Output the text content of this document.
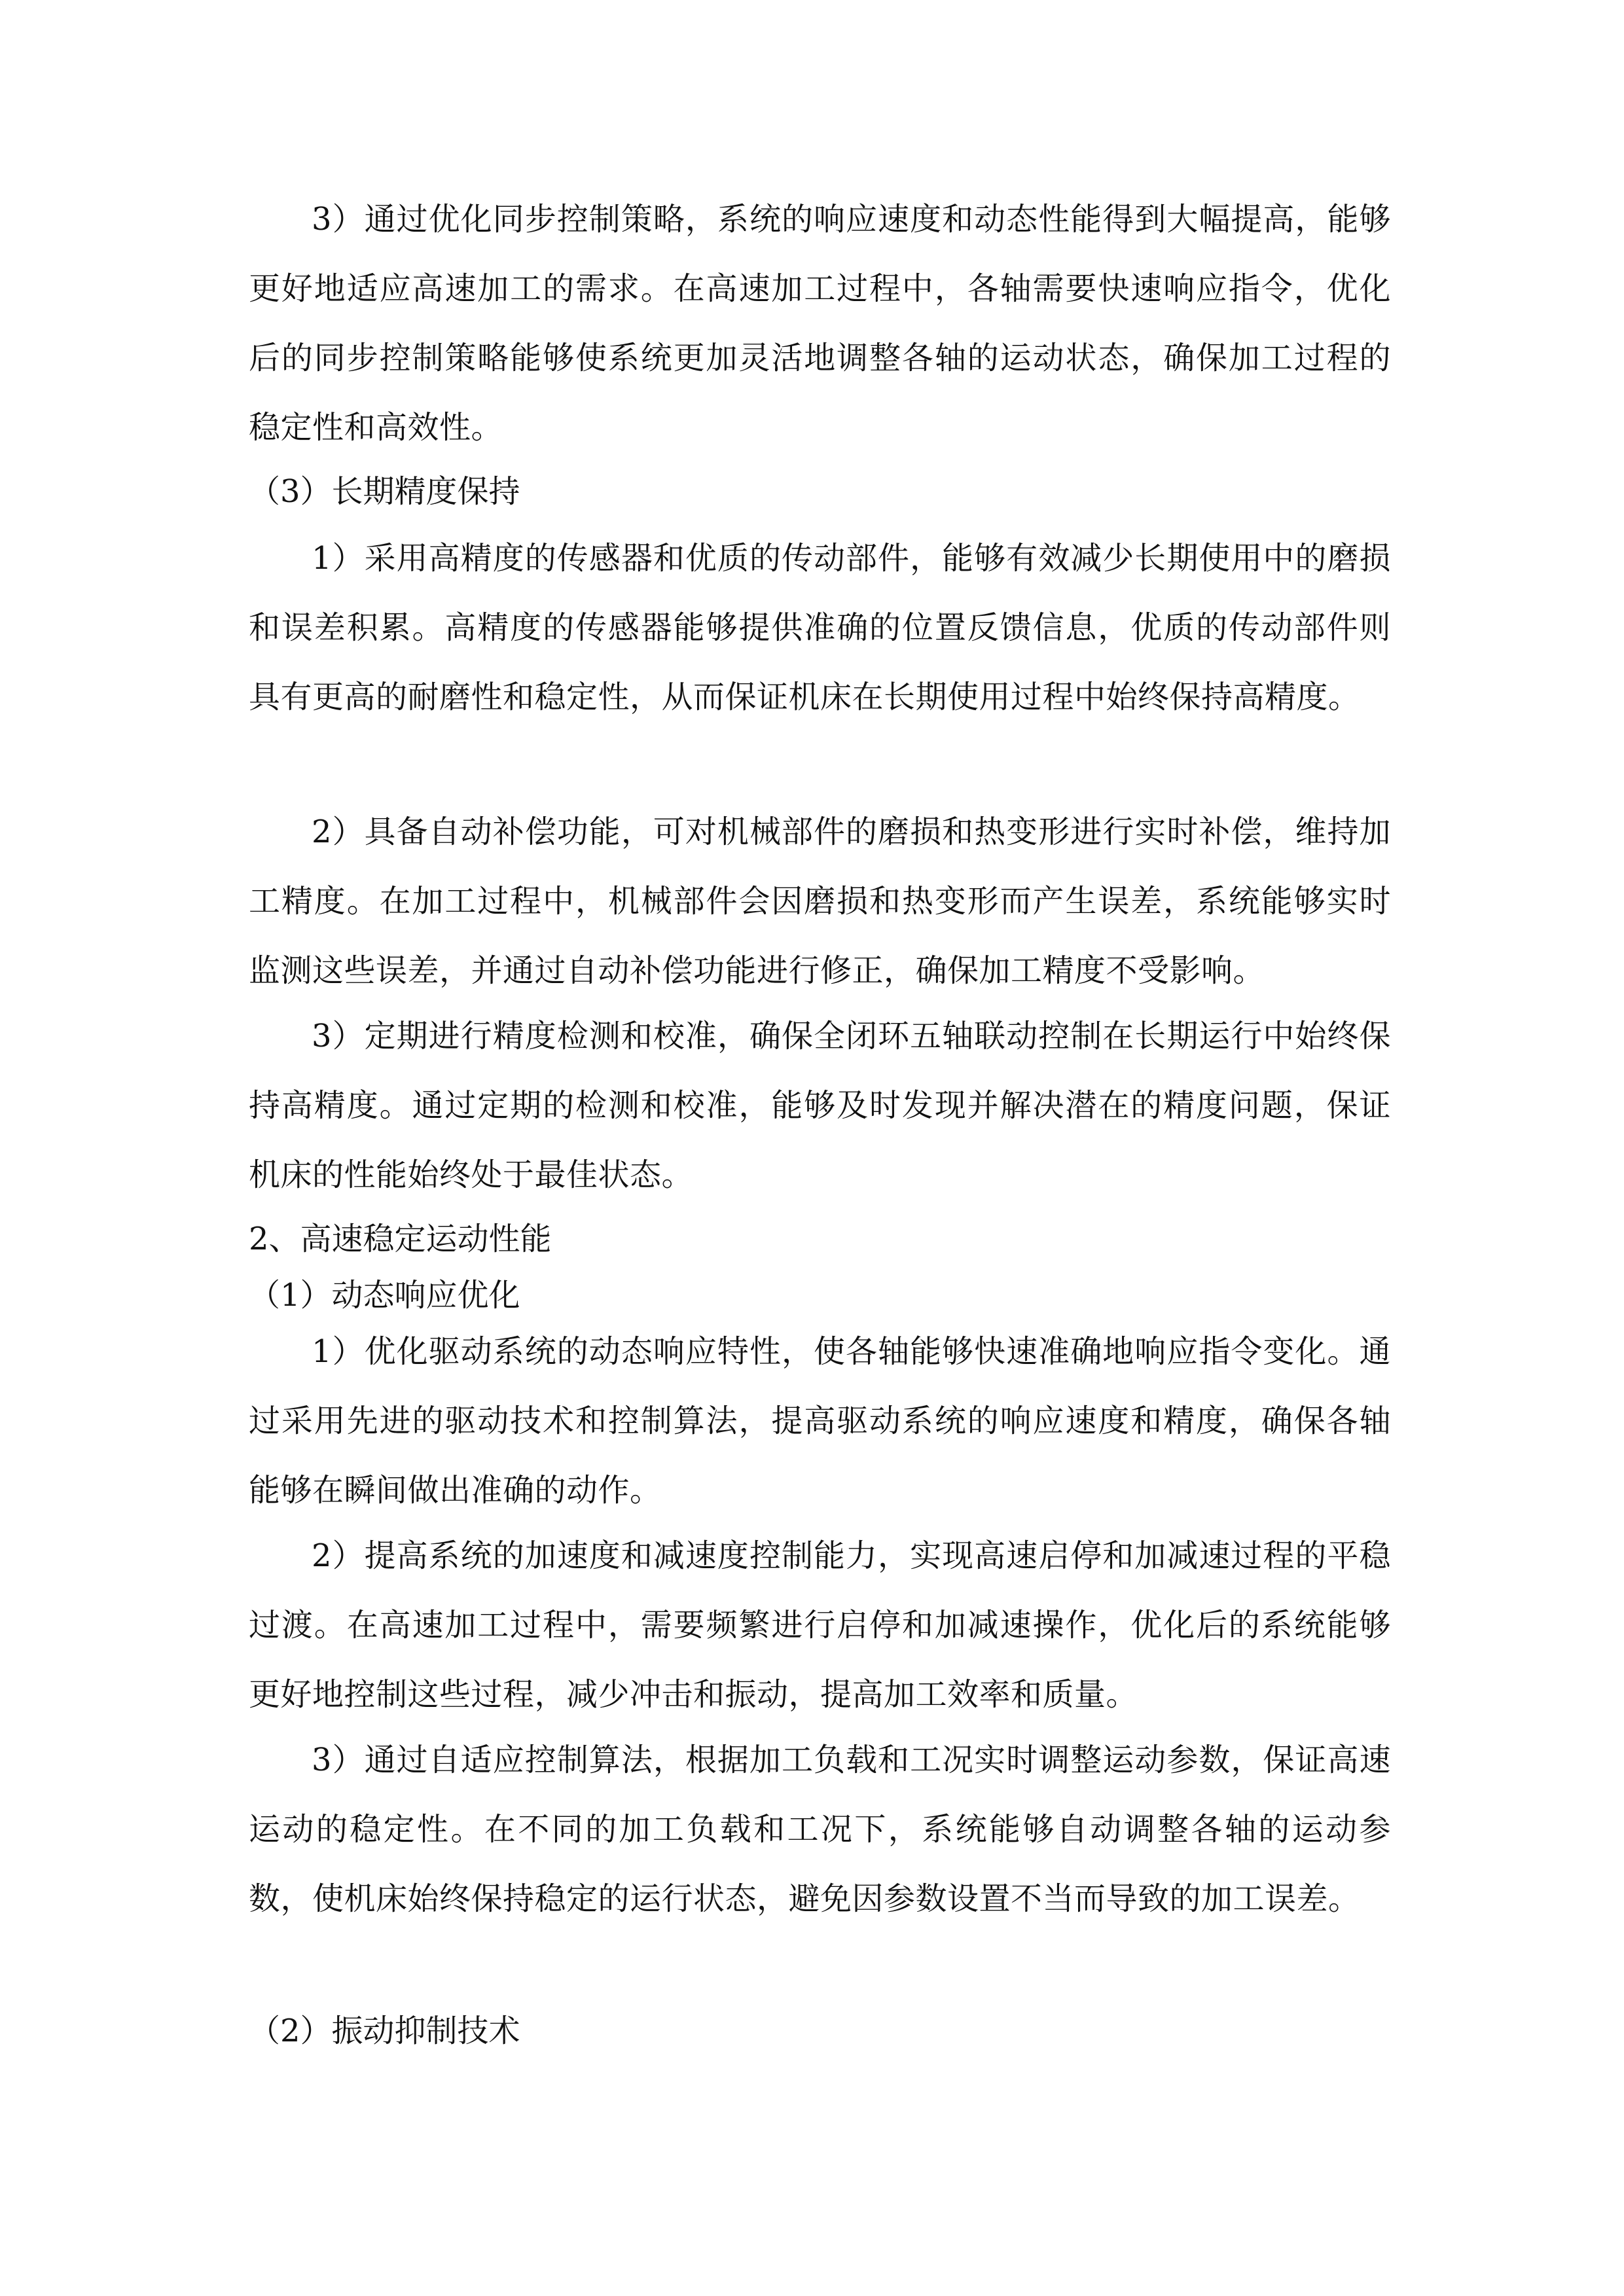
3）通过优化同步控制策略，系统的响应速度和动态性能得到大幅提高，能够更好地适应高速加工的需求。在高速加工过程中，各轴需要快速响应指令，优化后的同步控制策略能够使系统更加灵活地调整各轴的运动状态，确保加工过程的稳定性和高效性。

（3）长期精度保持

1）采用高精度的传感器和优质的传动部件，能够有效减少长期使用中的磨损和误差积累。高精度的传感器能够提供准确的位置反馈信息，优质的传动部件则具有更高的耐磨性和稳定性，从而保证机床在长期使用过程中始终保持高精度。

2）具备自动补偿功能，可对机械部件的磨损和热变形进行实时补偿，维持加工精度。在加工过程中，机械部件会因磨损和热变形而产生误差，系统能够实时监测这些误差，并通过自动补偿功能进行修正，确保加工精度不受影响。

3）定期进行精度检测和校准，确保全闭环五轴联动控制在长期运行中始终保持高精度。通过定期的检测和校准，能够及时发现并解决潜在的精度问题，保证机床的性能始终处于最佳状态。

2、高速稳定运动性能

（1）动态响应优化

1）优化驱动系统的动态响应特性，使各轴能够快速准确地响应指令变化。通过采用先进的驱动技术和控制算法，提高驱动系统的响应速度和精度，确保各轴能够在瞬间做出准确的动作。

2）提高系统的加速度和减速度控制能力，实现高速启停和加减速过程的平稳过渡。在高速加工过程中，需要频繁进行启停和加减速操作，优化后的系统能够更好地控制这些过程，减少冲击和振动，提高加工效率和质量。

3）通过自适应控制算法，根据加工负载和工况实时调整运动参数，保证高速运动的稳定性。在不同的加工负载和工况下，系统能够自动调整各轴的运动参数，使机床始终保持稳定的运行状态，避免因参数设置不当而导致的加工误差。

（2）振动抑制技术
